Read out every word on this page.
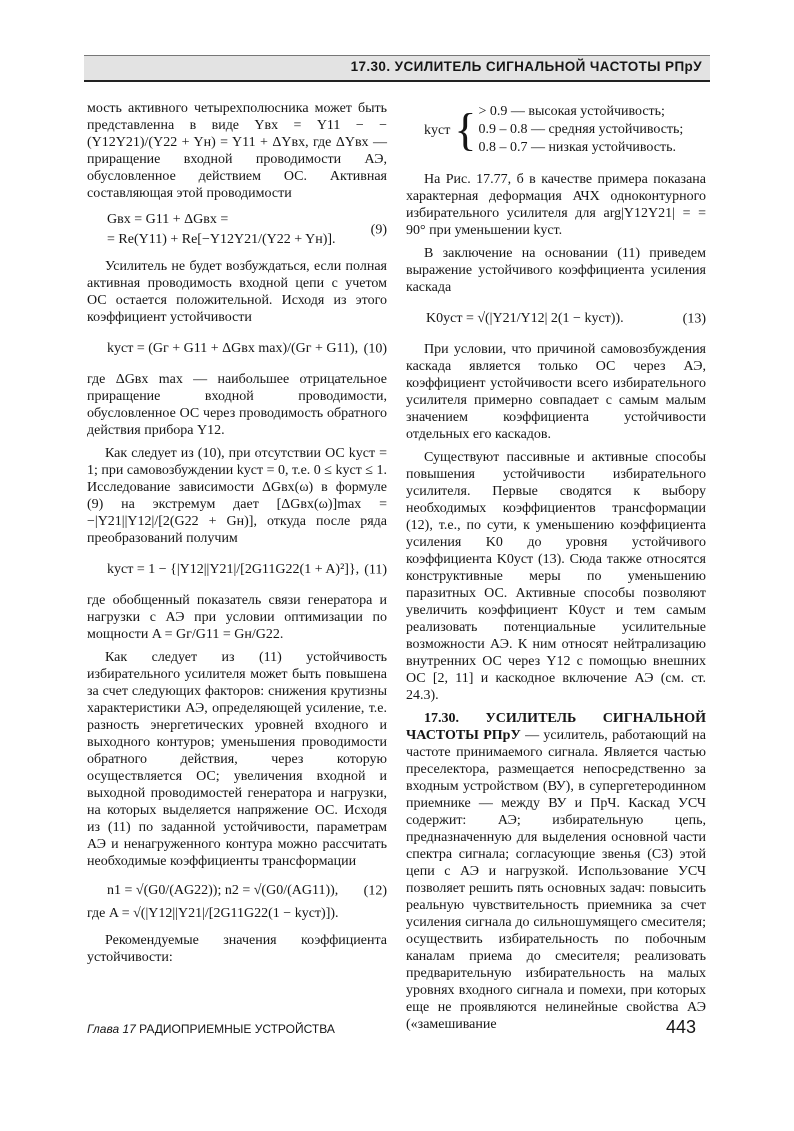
17.30. УСИЛИТЕЛЬ СИГНАЛЬНОЙ ЧАСТОТЫ РПрУ

мость активного четырехполюсника может быть представленна в виде Yвх = Y11 − − (Y12Y21)/(Y22 + Yн) = Y11 + ΔYвх, где ΔYвх — приращение входной проводимости АЭ, обусловленное действием ОС. Активная составляющая этой проводимости

Gвх = G11 + ΔGвх =
= Re(Y11) + Re[−Y12Y21/(Y22 + Yн)].
(9)

Усилитель не будет возбуждаться, если полная активная проводимость входной цепи с учетом ОС остается положительной. Исходя из этого коэффициент устойчивости

kуст = (Gг + G11 + ΔGвх max)/(Gг + G11), (10)

где ΔGвх max — наибольшее отрицательное приращение входной проводимости, обусловленное ОС через проводимость обратного действия прибора Y12.

Как следует из (10), при отсутствии ОС kуст = 1; при самовозбуждении kуст = 0, т.е. 0 ≤ kуст ≤ 1. Исследование зависимости ΔGвх(ω) в формуле (9) на экстремум дает [ΔGвх(ω)]max = −|Y21||Y12|/[2(G22 + Gн)], откуда после ряда преобразований получим

kуст = 1 − {|Y12||Y21|/[2G11G22(1 + A)²]}, (11)

где обобщенный показатель связи генератора и нагрузки с АЭ при условии оптимизации по мощности A = Gг/G11 = Gн/G22.

Как следует из (11) устойчивость избирательного усилителя может быть повышена за счет следующих факторов: снижения крутизны характеристики АЭ, определяющей усиление, т.е. разность энергетических уровней входного и выходного контуров; уменьшения проводимости обратного действия, через которую осуществляется ОС; увеличения входной и выходной проводимостей генератора и нагрузки, на которых выделяется напряжение ОС. Исходя из (11) по заданной устойчивости, параметрам АЭ и ненагруженного контура можно рассчитать необходимые коэффициенты трансформации

n1 = √(G0/(AG22)); n2 = √(G0/(AG11)),	(12)

где A = √(|Y12||Y21|/[2G11G22(1 − kуст)]).

Рекомендуемые значения коэффициента устойчивости:

kуст { > 0.9 — высокая устойчивость;
0.9 – 0.8 — средняя устойчивость;
0.8 – 0.7 — низкая устойчивость.

На Рис. 17.77, б в качестве примера показана характерная деформация АЧХ одноконтурного избирательного усилителя для arg|Y12Y21| = = 90° при уменьшении kуст.

В заключение на основании (11) приведем выражение устойчивого коэффициента усиления каскада

K0уст = √(|Y21/Y12| 2(1 − kуст)).	(13)

При условии, что причиной самовозбуждения каскада является только ОС через АЭ, коэффициент устойчивости всего избирательного усилителя примерно совпадает с самым малым значением коэффициента устойчивости отдельных его каскадов.

Существуют пассивные и активные способы повышения устойчивости избирательного усилителя. Первые сводятся к выбору необходимых коэффициентов трансформации (12), т.е., по сути, к уменьшению коэффициента усиления K0 до уровня устойчивого коэффициента K0уст (13). Сюда также относятся конструктивные меры по уменьшению паразитных ОС. Активные способы позволяют увеличить коэффициент K0уст и тем самым реализовать потенциальные усилительные возможности АЭ. К ним относят нейтрализацию внутренних ОС через Y12 с помощью внешних ОС [2, 11] и каскодное включение АЭ (см. ст. 24.3).

17.30. УСИЛИТЕЛЬ СИГНАЛЬНОЙ ЧАСТОТЫ РПрУ — усилитель, работающий на частоте принимаемого сигнала. Является частью преселектора, размещается непосредственно за входным устройством (ВУ), в супергетеродинном приемнике — между ВУ и ПрЧ. Каскад УСЧ содержит: АЭ; избирательную цепь, предназначенную для выделения основной части спектра сигнала; согласующие звенья (СЗ) этой цепи с АЭ и нагрузкой. Использование УСЧ позволяет решить пять основных задач: повысить реальную чувствительность приемника за счет усиления сигнала до сильношумящего смесителя; осуществить избирательность по побочным каналам приема до смесителя; реализовать предварительную избирательность на малых уровнях входного сигнала и помехи, при которых еще не проявляются нелинейные свойства АЭ («замешивание

Глава 17 РАДИОПРИЕМНЫЕ УСТРОЙСТВА	443
